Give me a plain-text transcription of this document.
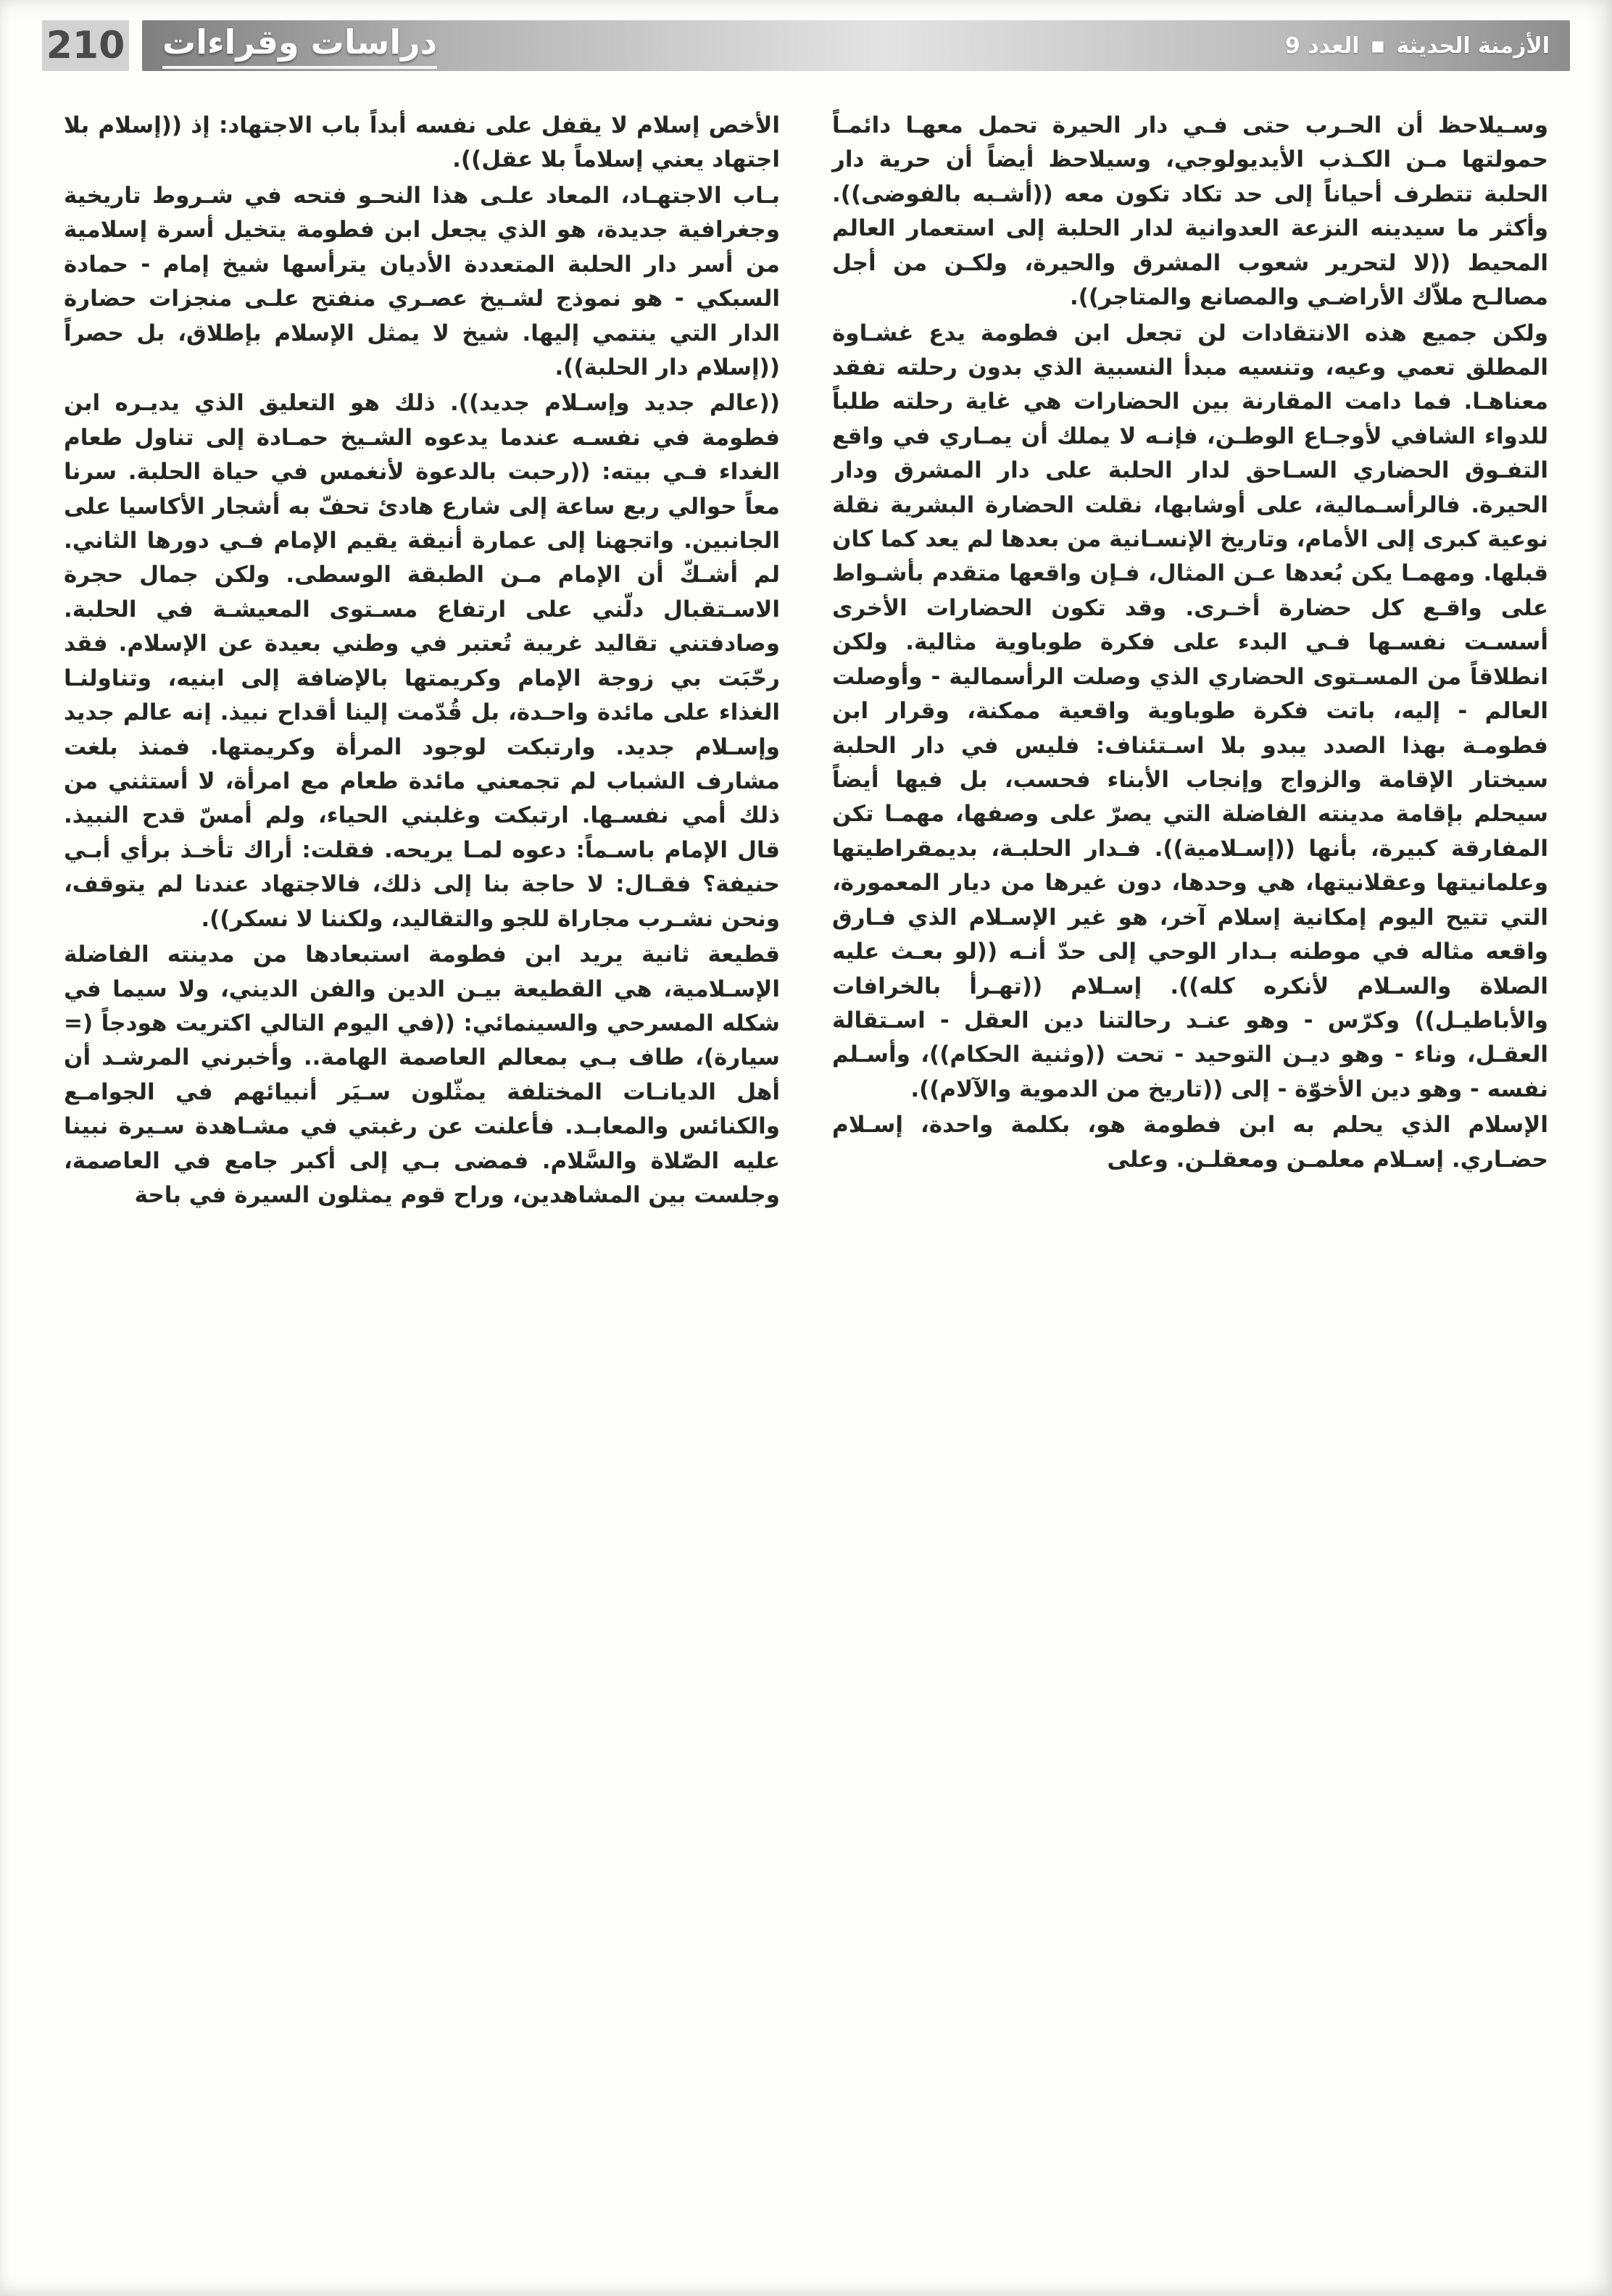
الأزمنة الحديثة
■
العدد 9
دراسات وقراءات
210

وسـيلاحظ أن الحـرب حتى فـي دار الحيرة تحمل معهـا دائمـاً حمولتها مـن الكـذب الأيديولوجي، وسيلاحظ أيضاً أن حرية دار الحلبة تتطرف أحياناً إلى حد تكاد تكون معه ((أشـبه بالفوضى)). وأكثر ما سيدينه النزعة العدوانية لدار الحلبة إلى استعمار العالم المحيط ((لا لتحرير شعوب المشرق والحيرة، ولكـن من أجل مصالـح ملاّك الأراضـي والمصانع والمتاجر)).

ولكن جميع هذه الانتقادات لن تجعل ابن فطومة يدع غشـاوة المطلق تعمي وعيه، وتنسيه مبدأ النسبية الذي بدون رحلته تفقد معناهـا. فما دامت المقارنة بين الحضارات هي غاية رحلته طلباً للدواء الشافي لأوجـاع الوطـن، فإنـه لا يملك أن يمـاري في واقع التفـوق الحضاري السـاحق لدار الحلبة على دار المشرق ودار الحيرة. فالرأسـمالية، على أوشابها، نقلت الحضارة البشرية نقلة نوعية كبرى إلى الأمام، وتاريخ الإنسـانية من بعدها لم يعد كما كان قبلها. ومهمـا يكن بُعدها عـن المثال، فـإن واقعها متقدم بأشـواط على واقـع كل حضارة أخـرى. وقد تكون الحضارات الأخرى أسسـت نفسـها فـي البدء على فكرة طوباوية مثالية. ولكن انطلاقاً من المسـتوى الحضاري الذي وصلت الرأسمالية - وأوصلت العالم - إليه، باتت فكرة طوباوية واقعية ممكنة، وقرار ابن فطومـة بهذا الصدد يبدو بلا اسـتئناف: فليس في دار الحلبة سيختار الإقامة والزواج وإنجاب الأبناء فحسب، بل فيها أيضاً سيحلم بإقامة مدينته الفاضلة التي يصرّ على وصفها، مهمـا تكن المفارقة كبيرة، بأنها ((إسـلامية)). فـدار الحلبـة، بديمقراطيتها وعلمانيتها وعقلانيتها، هي وحدها، دون غيرها من ديار المعمورة، التي تتيح اليوم إمكانية إسلام آخر، هو غير الإسـلام الذي فـارق واقعه مثاله في موطنه بـدار الوحي إلى حدّ أنـه ((لو بعـث عليه الصلاة والسـلام لأنكره كله)). إسـلام ((تهـرأ بالخرافات والأباطيـل)) وكرّس - وهو عنـد رحالتنا دين العقل - اسـتقالة العقـل، وناء - وهو ديـن التوحيد - تحت ((وثنية الحكام))، وأسـلم نفسه - وهو دين الأخوّة - إلى ((تاريخ من الدموية والآلام)).

الإسلام الذي يحلم به ابن فطومة هو، بكلمة واحدة، إسـلام حضـاري. إسـلام معلمـن ومعقلـن. وعلى

الأخص إسلام لا يقفل على نفسه أبداً باب الاجتهاد: إذ ((إسلام بلا اجتهاد يعني إسلاماً بلا عقل)).

بـاب الاجتهـاد، المعاد علـى هذا النحـو فتحه في شـروط تاريخية وجغرافية جديدة، هو الذي يجعل ابن فطومة يتخيل أسرة إسلامية من أسر دار الحلبة المتعددة الأديان يترأسها شيخ إمام - حمادة السبكي - هو نموذج لشـيخ عصـري منفتح علـى منجزات حضارة الدار التي ينتمي إليها. شيخ لا يمثل الإسلام بإطلاق، بل حصراً ((إسلام دار الحلبة)).

((عالم جديد وإسـلام جديد)). ذلك هو التعليق الذي يديـره ابن فطومة في نفسـه عندما يدعوه الشـيخ حمـادة إلى تناول طعام الغداء فـي بيته: ((رحبت بالدعوة لأنغمس في حياة الحلبة. سرنا معاً حوالي ربع ساعة إلى شارع هادئ تحفّ به أشجار الأكاسيا على الجانبين. واتجهنا إلى عمارة أنيقة يقيم الإمام فـي دورها الثاني. لم أشـكّ أن الإمام مـن الطبقة الوسطى. ولكن جمال حجرة الاسـتقبال دلّني على ارتفاع مسـتوى المعيشـة في الحلبة. وصادفتني تقاليد غريبة تُعتبر في وطني بعيدة عن الإسلام. فقد رحّبَت بي زوجة الإمام وكريمتها بالإضافة إلى ابنيه، وتناولنـا الغذاء على مائدة واحـدة، بل قُدّمت إلينا أقداح نبيذ. إنه عالم جديد وإسـلام جديد. وارتبكت لوجود المرأة وكريمتها. فمنذ بلغت مشارف الشباب لم تجمعني مائدة طعام مع امرأة، لا أستثني من ذلك أمي نفسـها. ارتبكت وغلبني الحياء، ولم أمسّ قدح النبيذ. قال الإمام باسـماً: دعوه لمـا يريحه. فقلت: أراك تأخـذ برأي أبـي حنيفة؟ فقـال: لا حاجة بنا إلى ذلك، فالاجتهاد عندنا لم يتوقف، ونحن نشـرب مجاراة للجو والتقاليد، ولكننا لا نسكر)).

قطيعة ثانية يريد ابن فطومة استبعادها من مدينته الفاضلة الإسـلامية، هي القطيعة بيـن الدين والفن الديني، ولا سيما في شكله المسرحي والسينمائي: ((في اليوم التالي اكتريت هودجاً (= سيارة)، طاف بـي بمعالم العاصمة الهامة.. وأخبرني المرشـد أن أهل الديانـات المختلفة يمثّلون سـيَر أنبيائهم في الجوامـع والكنائس والمعابـد. فأعلنت عن رغبتي في مشـاهدة سـيرة نبينا عليه الصّلاة والسَّلام. فمضى بـي إلى أكبر جامع في العاصمة، وجلست بين المشاهدين، وراح قوم يمثلون السيرة في باحة
